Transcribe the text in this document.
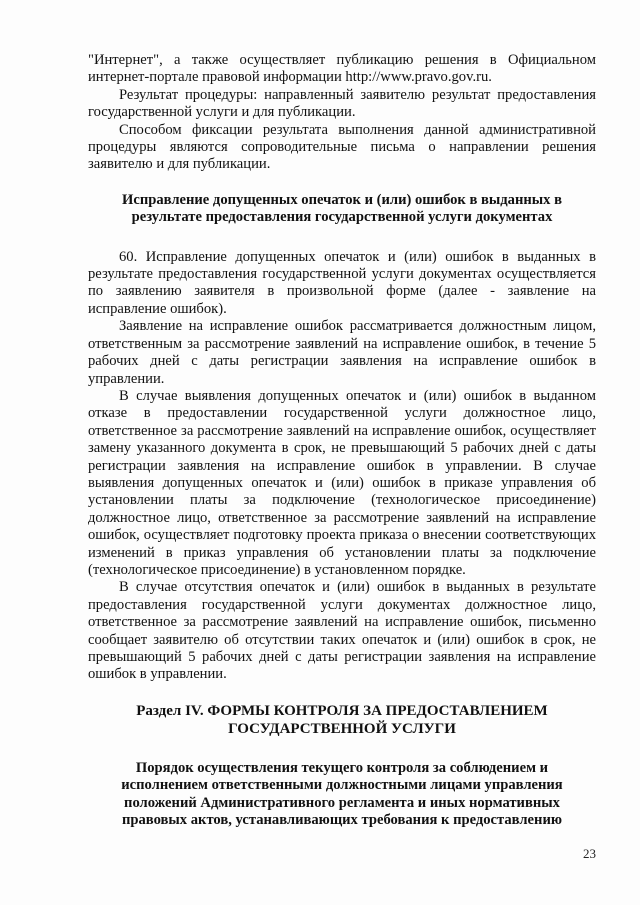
"Интернет", а также осуществляет публикацию решения в Официальном интернет-портале правовой информации http://www.pravo.gov.ru.

Результат процедуры: направленный заявителю результат предоставления государственной услуги и для публикации.

Способом фиксации результата выполнения данной административной процедуры являются сопроводительные письма о направлении решения заявителю и для публикации.

Исправление допущенных опечаток и (или) ошибок в выданных в результате предоставления государственной услуги документах

60. Исправление допущенных опечаток и (или) ошибок в выданных в результате предоставления государственной услуги документах осуществляется по заявлению заявителя в произвольной форме (далее - заявление на исправление ошибок).

Заявление на исправление ошибок рассматривается должностным лицом, ответственным за рассмотрение заявлений на исправление ошибок, в течение 5 рабочих дней с даты регистрации заявления на исправление ошибок в управлении.

В случае выявления допущенных опечаток и (или) ошибок в выданном отказе в предоставлении государственной услуги должностное лицо, ответственное за рассмотрение заявлений на исправление ошибок, осуществляет замену указанного документа в срок, не превышающий 5 рабочих дней с даты регистрации заявления на исправление ошибок в управлении. В случае выявления допущенных опечаток и (или) ошибок в приказе управления об установлении платы за подключение (технологическое присоединение) должностное лицо, ответственное за рассмотрение заявлений на исправление ошибок, осуществляет подготовку проекта приказа о внесении соответствующих изменений в приказ управления об установлении платы за подключение (технологическое присоединение) в установленном порядке.

В случае отсутствия опечаток и (или) ошибок в выданных в результате предоставления государственной услуги документах должностное лицо, ответственное за рассмотрение заявлений на исправление ошибок, письменно сообщает заявителю об отсутствии таких опечаток и (или) ошибок в срок, не превышающий 5 рабочих дней с даты регистрации заявления на исправление ошибок в управлении.

Раздел IV. ФОРМЫ КОНТРОЛЯ ЗА ПРЕДОСТАВЛЕНИЕМ
ГОСУДАРСТВЕННОЙ УСЛУГИ
Порядок осуществления текущего контроля за соблюдением и исполнением ответственными должностными лицами управления положений Административного регламента и иных нормативных правовых актов, устанавливающих требования к предоставлению
23
